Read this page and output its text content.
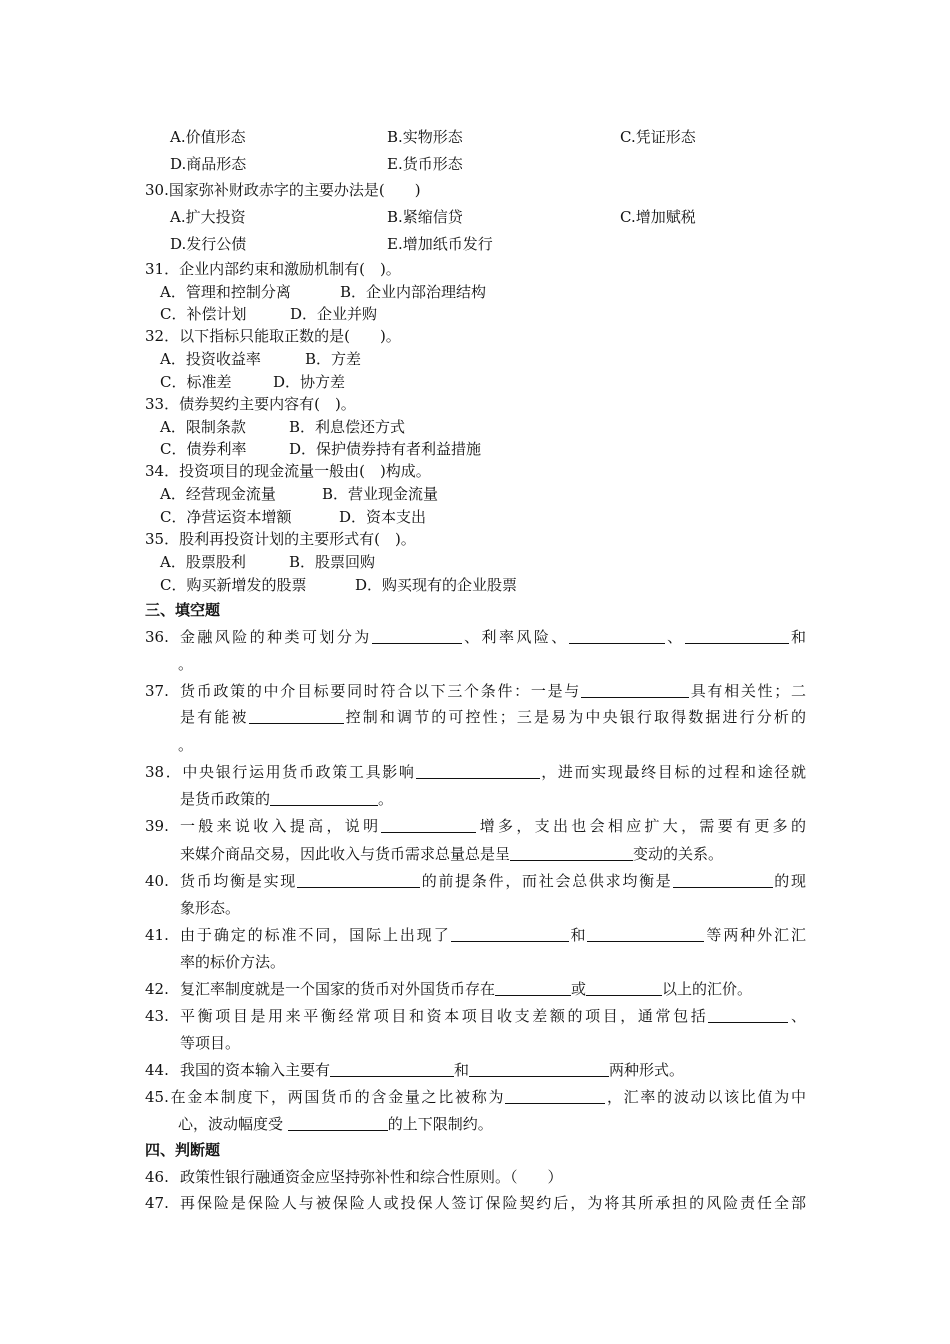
A.价值形态	B.实物形态	C.凭证形态
D.商品形态	E.货币形态
30.国家弥补财政赤字的主要办法是(　　)
A.扩大投资	B.紧缩信贷	C.增加赋税
D.发行公债	E.增加纸币发行
31．企业内部约束和激励机制有(　)。
A．管理和控制分离	B．企业内部治理结构
C．补偿计划	D．企业并购
32．以下指标只能取正数的是(　　)。
A．投资收益率	B．方差
C．标准差	D．协方差
33．债券契约主要内容有(　)。
A．限制条款	B．利息偿还方式
C．债券利率	D．保护债券持有者利益措施
34．投资项目的现金流量一般由(　)构成。
A．经营现金流量	B．营业现金流量
C．净营运资本增额	D．资本支出
35．股利再投资计划的主要形式有(　)。
A．股票股利	B．股票回购
C．购买新增发的股票	D．购买现有的企业股票
三、填空题
36. 金融风险的种类可划分为	、利率风险、	、	和
。
37. 货币政策的中介目标要同时符合以下三个条件：一是与	具有相关性；二
是有能被	控制和调节的可控性；三是易为中央银行取得数据进行分析的
。
38．中央银行运用货币政策工具影响	，进而实现最终目标的过程和途径就
是货币政策的	。
39. 一般来说收入提高，说明	增多，支出也会相应扩大，需要有更多的
来媒介商品交易，因此收入与货币需求总量总是呈	变动的关系。
40. 货币均衡是实现	的前提条件，而社会总供求均衡是	的现
象形态。
41. 由于确定的标准不同，国际上出现了	和	等两种外汇汇
率的标价方法。
42. 复汇率制度就是一个国家的货币对外国货币存在	或	以上的汇价。
43. 平衡项目是用来平衡经常项目和资本项目收支差额的项目，通常包括	、
等项目。
44. 我国的资本输入主要有	和	两种形式。
45.在金本制度下，两国货币的含金量之比被称为	，汇率的波动以该比值为中
心，波动幅度受	的上下限制约。
四、判断题
46. 政策性银行融通资金应坚持弥补性和综合性原则。（　　）
47. 再保险是保险人与被保险人或投保人签订保险契约后，为将其所承担的风险责任全部
